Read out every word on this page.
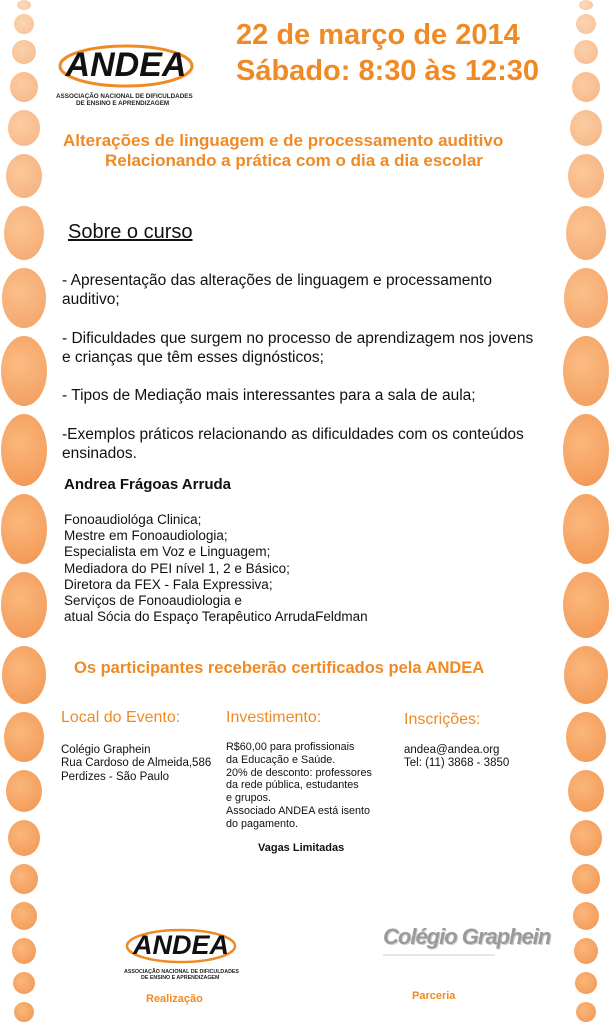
ANDEA
ASSOCIAÇÃO NACIONAL DE DIFICULDADES
DE ENSINO E APRENDIZAGEM
22 de março de 2014
Sábado: 8:30 às 12:30
Alterações de linguagem e de processamento auditivo
Relacionando a prática com o dia a dia escolar
Sobre o curso
- Apresentação das alterações de linguagem e processamento auditivo;
- Dificuldades que surgem no processo de aprendizagem nos jovens e crianças que têm esses dignósticos;
- Tipos de Mediação mais interessantes para a sala de aula;
-Exemplos práticos relacionando as dificuldades com os conteúdos ensinados.
Andrea Frágoas Arruda
Fonoaudiológa Clinica;
Mestre em Fonoaudiologia;
Especialista em Voz e Linguagem;
Mediadora do PEI nível 1, 2 e Básico;
Diretora da FEX - Fala Expressiva;
Serviços de Fonoaudiologia e
atual Sócia do Espaço Terapêutico ArrudaFeldman
Os participantes receberão certificados pela ANDEA
Local do Evento:
Colégio Graphein
Rua Cardoso de Almeida,586
Perdizes - São Paulo
Investimento:
R$60,00 para profissionais
da Educação e Saúde.
20% de desconto: professores
da rede pública, estudantes
e grupos.
Associado ANDEA está isento
do pagamento.
Vagas Limitadas
Inscrições:
andea@andea.org
Tel: (11) 3868 - 3850
ANDEA
ASSOCIAÇÃO NACIONAL DE DIFICULDADES
DE ENSINO E APRENDIZAGEM
Realização
Colégio Graphein
Parceria
